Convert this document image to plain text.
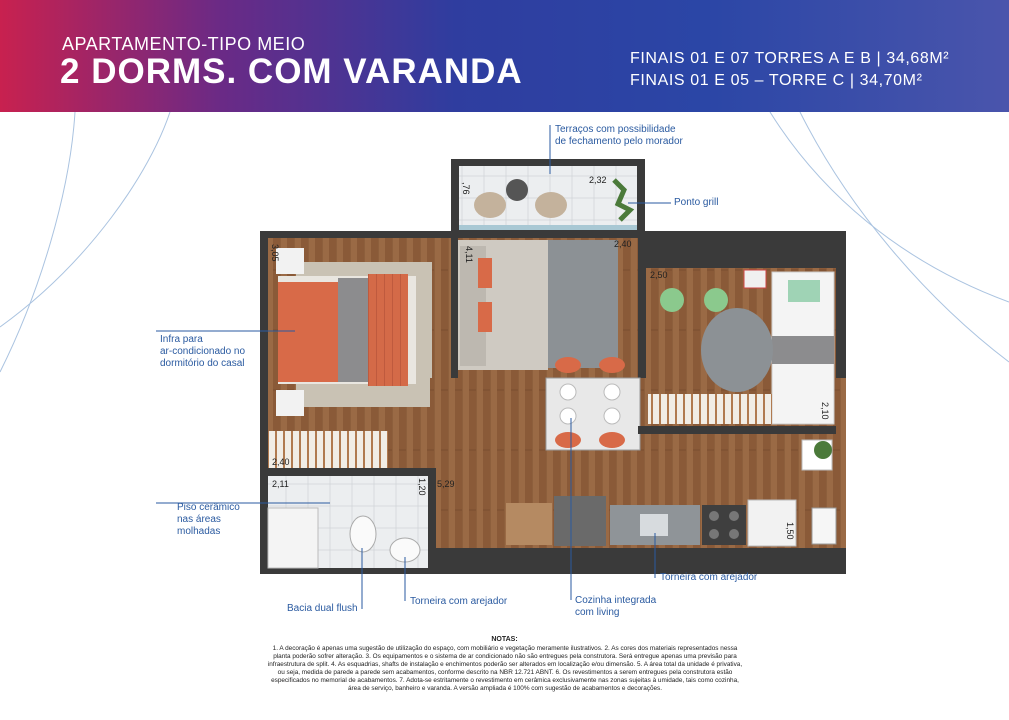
APARTAMENTO-TIPO MEIO
2 DORMS. COM VARANDA	FINAIS 01 E 07 TORRES A E B | 34,68M²
FINAIS 01 E 05 – TORRE C | 34,70M²
2,32
,76
3,05	4,11
2,40
2,50
2,10
2,40
2,11	1,20 5,29
1,50
Terraços com possibilidade
de fechamento pelo morador
Ponto grill
Infra para
ar-condicionado no
dormitório do casal
Piso cerâmico
nas áreas
molhadas
Torneira com arejador
Bacia dual flush
Torneira com arejador	Cozinha integrada
com living
NOTAS:
1. A decoração é apenas uma sugestão de utilização do espaço, com mobiliário e vegetação meramente ilustrativos. 2. As cores dos materiais representados nessa planta poderão sofrer alteração. 3. Os equipamentos e o sistema de ar condicionado não são entregues pela construtora. Será entregue apenas uma previsão para infraestrutura de split. 4. As esquadrias, shafts de instalação e enchimentos poderão ser alterados em localização e/ou dimensão. 5. A área total da unidade é privativa, ou seja, medida de parede a parede sem acabamentos, conforme descrito na NBR 12.721 ABNT. 6. Os revestimentos a serem entregues pela construtora estão especificados no memorial de acabamentos. 7. Adota-se estritamente o revestimento em cerâmica exclusivamente nas zonas sujeitas à umidade, tais como cozinha, área de serviço, banheiro e varanda. A versão ampliada é 100% com sugestão de acabamentos e decorações.
